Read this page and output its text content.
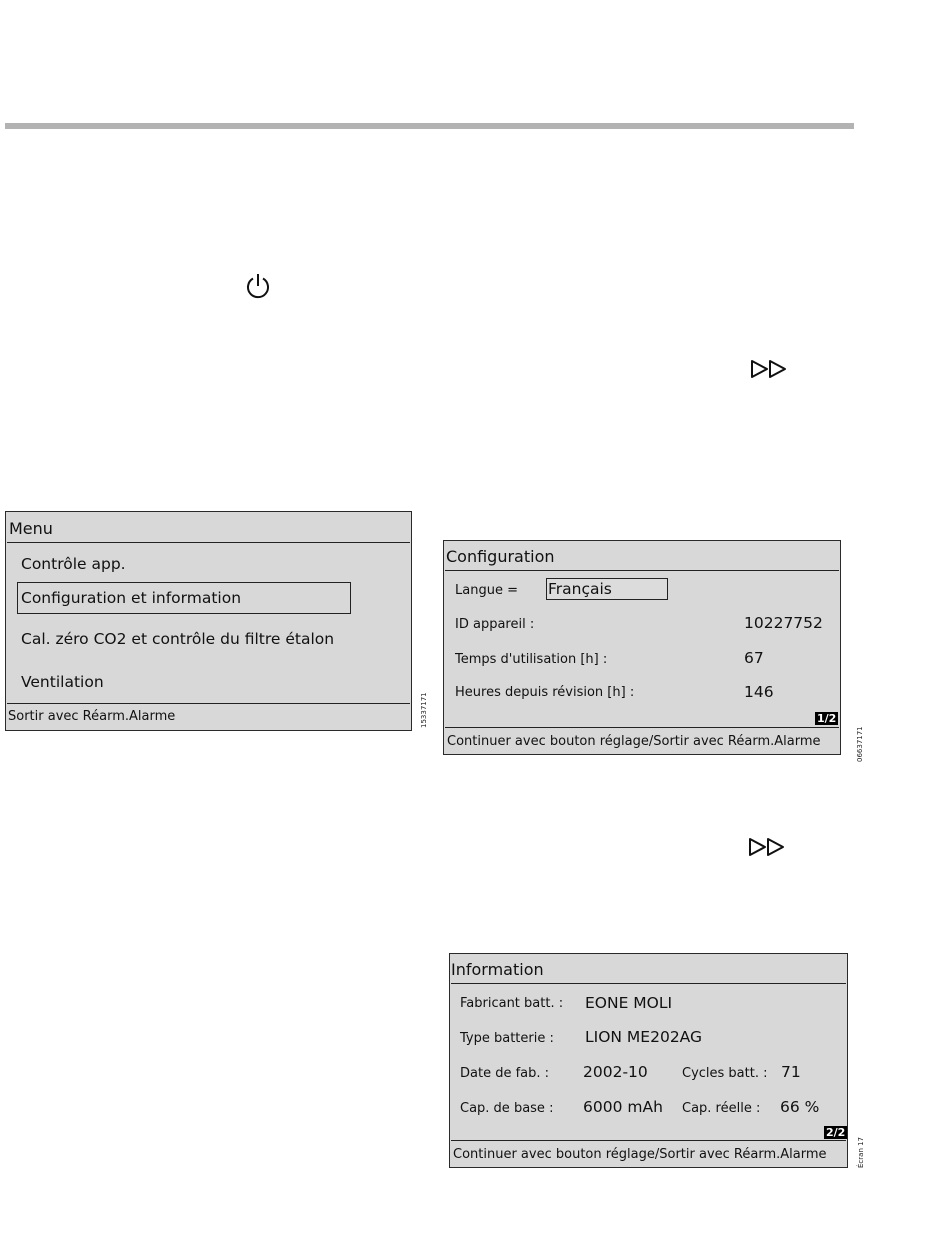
Menu
Contrôle app.
Configuration et information
Cal. zéro CO2 et contrôle du filtre étalon
Ventilation
Sortir avec Réarm.Alarme	15337171
Configuration
Langue = Français
ID appareil :	10227752
Temps d'utilisation [h] :	67
Heures depuis révision [h] :	146
1/2
Continuer avec bouton réglage/Sortir avec Réarm.Alarme	06637171
Information
Fabricant batt. : EONE MOLI
Type batterie : LION ME202AG
Date de fab. : 2002-10	Cycles batt. : 71
Cap. de base : 6000 mAh Cap. réelle : 66 %
2/2
Continuer avec bouton réglage/Sortir avec Réarm.Alarme	Écran 17
